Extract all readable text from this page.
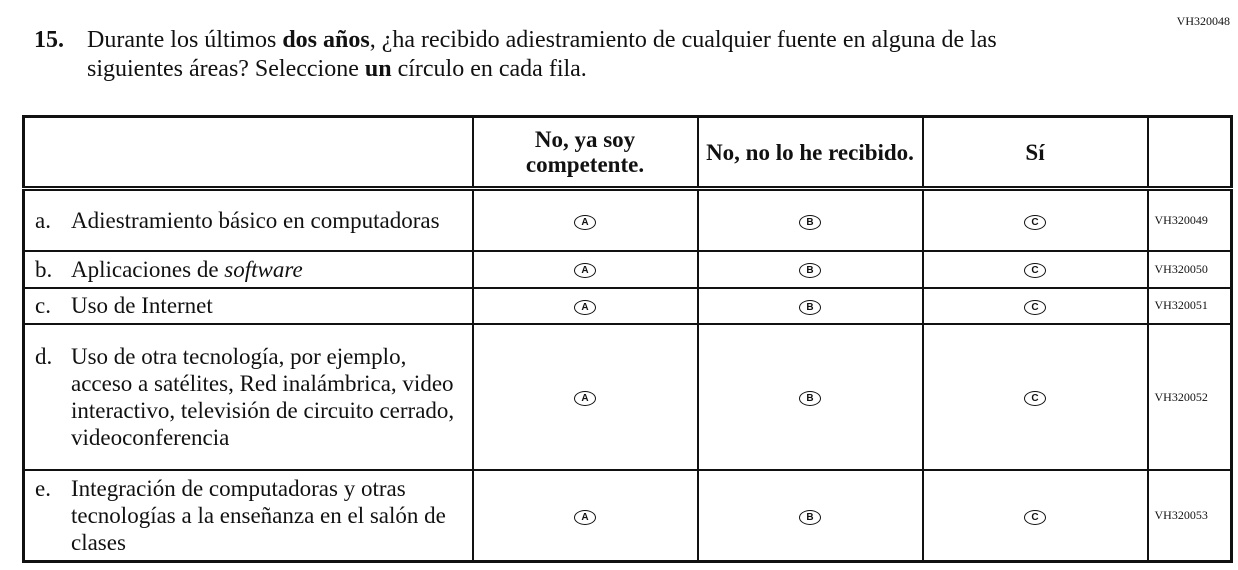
VH320048
15. Durante los últimos dos años, ¿ha recibido adiestramiento de cualquier fuente en alguna de las siguientes áreas? Seleccione un círculo en cada fila.
	No, ya soy competente.	No, no lo he recibido.	Sí	

a. Adiestramiento básico en computadoras	A	B	C	VH320049

b. Aplicaciones de software	A	B	C	VH320050

c. Uso de Internet	A	B	C	VH320051

d. Uso de otra tecnología, por ejemplo, acceso a satélites, Red inalámbrica, video interactivo, televisión de circuito cerrado, videoconferencia	A	B	C	VH320052

e. Integración de computadoras y otras tecnologías a la enseñanza en el salón de clases	A	B	C	VH320053
